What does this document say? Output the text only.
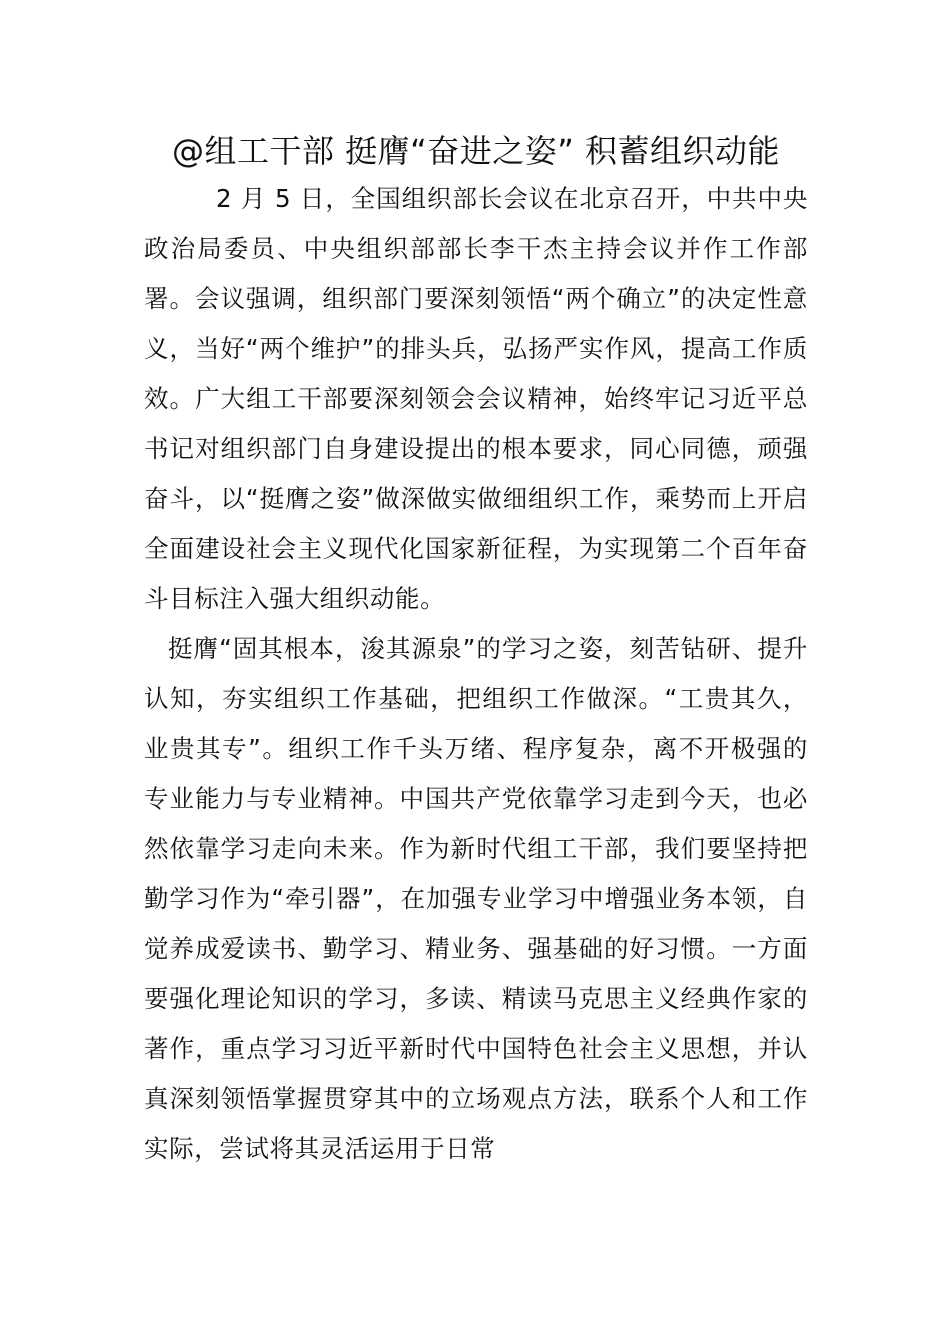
@组工干部 挺膺“奋进之姿” 积蓄组织动能

2 月 5 日，全国组织部长会议在北京召开，中共中央政治局委员、中央组织部部长李干杰主持会议并作工作部署。会议强调，组织部门要深刻领悟“两个确立”的决定性意义，当好“两个维护”的排头兵，弘扬严实作风，提高工作质效。广大组工干部要深刻领会会议精神，始终牢记习近平总书记对组织部门自身建设提出的根本要求，同心同德，顽强奋斗，以“挺膺之姿”做深做实做细组织工作，乘势而上开启全面建设社会主义现代化国家新征程，为实现第二个百年奋斗目标注入强大组织动能。

挺膺“固其根本，浚其源泉”的学习之姿，刻苦钻研、提升认知，夯实组织工作基础，把组织工作做深。“工贵其久，业贵其专”。组织工作千头万绪、程序复杂，离不开极强的专业能力与专业精神。中国共产党依靠学习走到今天，也必然依靠学习走向未来。作为新时代组工干部，我们要坚持把勤学习作为“牵引器”，在加强专业学习中增强业务本领，自觉养成爱读书、勤学习、精业务、强基础的好习惯。一方面要强化理论知识的学习，多读、精读马克思主义经典作家的著作，重点学习习近平新时代中国特色社会主义思想，并认真深刻领悟掌握贯穿其中的立场观点方法，联系个人和工作实际，尝试将其灵活运用于日常
